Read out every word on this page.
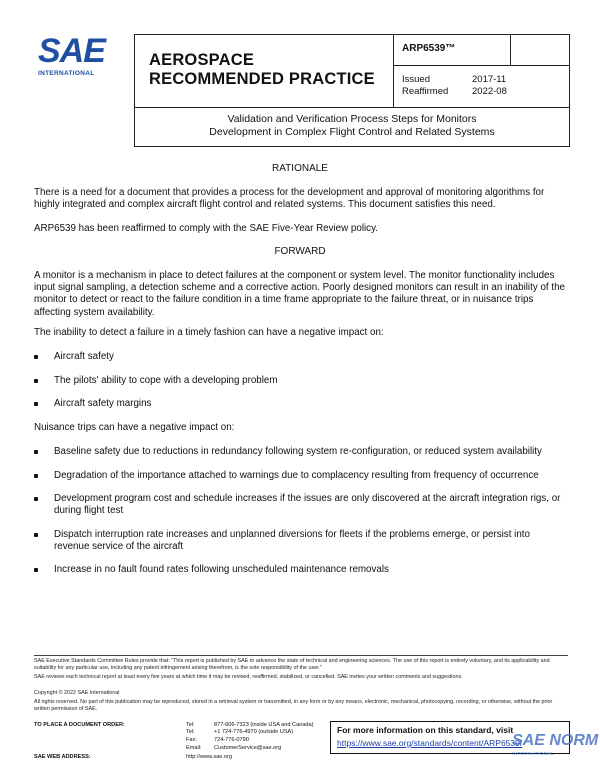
SAE
INTERNATIONAL
AEROSPACE
RECOMMENDED PRACTICE
ARP6539™
Issued	2017-11
Reaffirmed 2022-08
Validation and Verification Process Steps for Monitors
Development in Complex Flight Control and Related Systems
RATIONALE
There is a need for a document that provides a process for the development and approval of monitoring algorithms for highly integrated and complex aircraft flight control and related systems. This document satisfies this need.
ARP6539 has been reaffirmed to comply with the SAE Five-Year Review policy.
FORWARD
A monitor is a mechanism in place to detect failures at the component or system level. The monitor functionality includes input signal sampling, a detection scheme and a corrective action. Poorly designed monitors can result in an inability of the monitor to detect or react to the failure condition in a time frame appropriate to the failure threat, or in nuisance trips affecting system availability.
The inability to detect a failure in a timely fashion can have a negative impact on:
Aircraft safety
The pilots' ability to cope with a developing problem
Aircraft safety margins
Nuisance trips can have a negative impact on:
Baseline safety due to reductions in redundancy following system re-configuration, or reduced system availability
Degradation of the importance attached to warnings due to complacency resulting from frequency of occurrence
Development program cost and schedule increases if the issues are only discovered at the aircraft integration rigs, or during flight test
Dispatch interruption rate increases and unplanned diversions for fleets if the problems emerge, or persist into revenue service of the aircraft
Increase in no fault found rates following unscheduled maintenance removals
SAE Executive Standards Committee Rules provide that: "This report is published by SAE to advance the state of technical and engineering sciences. The use of this report is entirely voluntary, and its applicability and suitability for any particular use, including any patent infringement arising therefrom, is the sole responsibility of the user."
SAE reviews each technical report at least every five years at which time it may be revised, reaffirmed, stabilized, or cancelled. SAE invites your written comments and suggestions.
Copyright © 2022 SAE International
All rights reserved. No part of this publication may be reproduced, stored in a retrieval system or transmitted, in any form or by any means, electronic, mechanical, photocopying, recording, or otherwise, without the prior written permission of SAE.
TO PLACE A DOCUMENT ORDER:	Tel:	877-606-7323 (inside USA and Canada)
Tel:	+1 724-776-4970 (outside USA)
Fax:	724-776-0790
Email: CustomerService@sae.org
SAE WEB ADDRESS:	http://www.sae.org
For more information on this standard, visit
https://www.sae.org/standards/content/ARP6539/
SAE NORM
INTERNATIONAL
